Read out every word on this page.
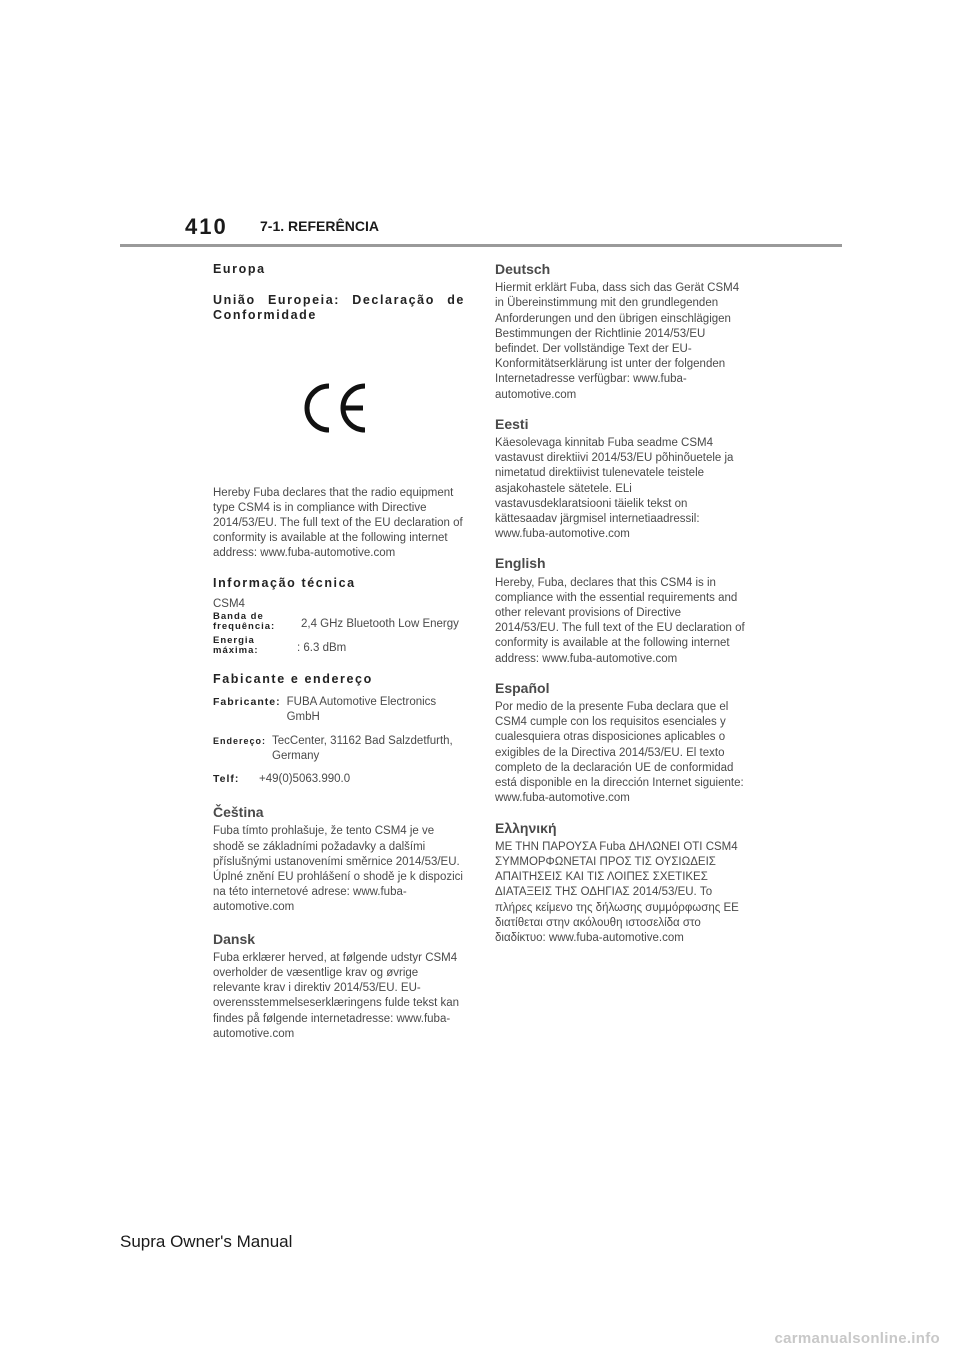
410 7-1. REFERÊNCIA

Europa

União Europeia: Declaração de Conformidade

Hereby Fuba declares that the radio equipment type CSM4 is in compliance with Directive 2014/53/EU. The full text of the EU declaration of conformity is available at the following internet address: www.fuba-automotive.com

Informação técnica

CSM4

Banda de frequência:	2,4 GHz Bluetooth Low Energy
Energia máxima:	: 6.3 dBm

Fabicante e endereço

Fabricante: FUBA Automotive Electronics GmbH
Endereço: TecCenter, 31162 Bad Salzdetfurth, Germany
Telf:	+49(0)5063.990.0

Čeština

Fuba tímto prohlašuje, že tento CSM4 je ve shodě se základními požadavky a dalšími příslušnými ustanoveními směrnice 2014/53/EU. Úplné znění EU prohlášení o shodě je k dispozici na této internetové adrese: www.fuba-automotive.com

Dansk

Fuba erklærer herved, at følgende udstyr CSM4 overholder de væsentlige krav og øvrige relevante krav i direktiv 2014/53/EU. EU-overensstemmelseserklæringens fulde tekst kan findes på følgende internetadresse: www.fuba-automotive.com

Deutsch

Hiermit erklärt Fuba, dass sich das Gerät CSM4 in Übereinstimmung mit den grundlegenden Anforderungen und den übrigen einschlägigen Bestimmungen der Richtlinie 2014/53/EU befindet. Der vollständige Text der EU-Konformitätserklärung ist unter der folgenden Internetadresse verfügbar: www.fuba-automotive.com

Eesti

Käesolevaga kinnitab Fuba seadme CSM4 vastavust direktiivi 2014/53/EU põhinõuetele ja nimetatud direktiivist tulenevatele teistele asjakohastele sätetele. ELi vastavusdeklaratsiooni täielik tekst on kättesaadav järgmisel internetiaadressil: www.fuba-automotive.com

English

Hereby, Fuba, declares that this CSM4 is in compliance with the essential requirements and other relevant provisions of Directive 2014/53/EU. The full text of the EU declaration of conformity is available at the following internet address: www.fuba-automotive.com

Español

Por medio de la presente Fuba declara que el CSM4 cumple con los requisitos esenciales y cualesquiera otras disposiciones aplicables o exigibles de la Directiva 2014/53/EU. El texto completo de la declaración UE de conformidad está disponible en la dirección Internet siguiente: www.fuba-automotive.com

Ελληνική

ΜΕ ΤΗΝ ΠΑΡΟΥΣΑ Fuba ΔΗΛΩΝΕΙ ΟΤΙ CSM4 ΣΥΜΜΟΡΦΩΝΕΤΑΙ ΠΡΟΣ ΤΙΣ ΟΥΣΙΩΔΕΙΣ ΑΠΑΙΤΗΣΕΙΣ ΚΑΙ ΤΙΣ ΛΟΙΠΕΣ ΣΧΕΤΙΚΕΣ ΔΙΑΤΑΞΕΙΣ ΤΗΣ ΟΔΗΓΙΑΣ 2014/53/EU. Το πλήρες κείμενο της δήλωσης συμμόρφωσης ΕΕ διατίθεται στην ακόλουθη ιστοσελίδα στο διαδίκτυο: www.fuba-automotive.com

Supra Owner's Manual
carmanualsonline.info
